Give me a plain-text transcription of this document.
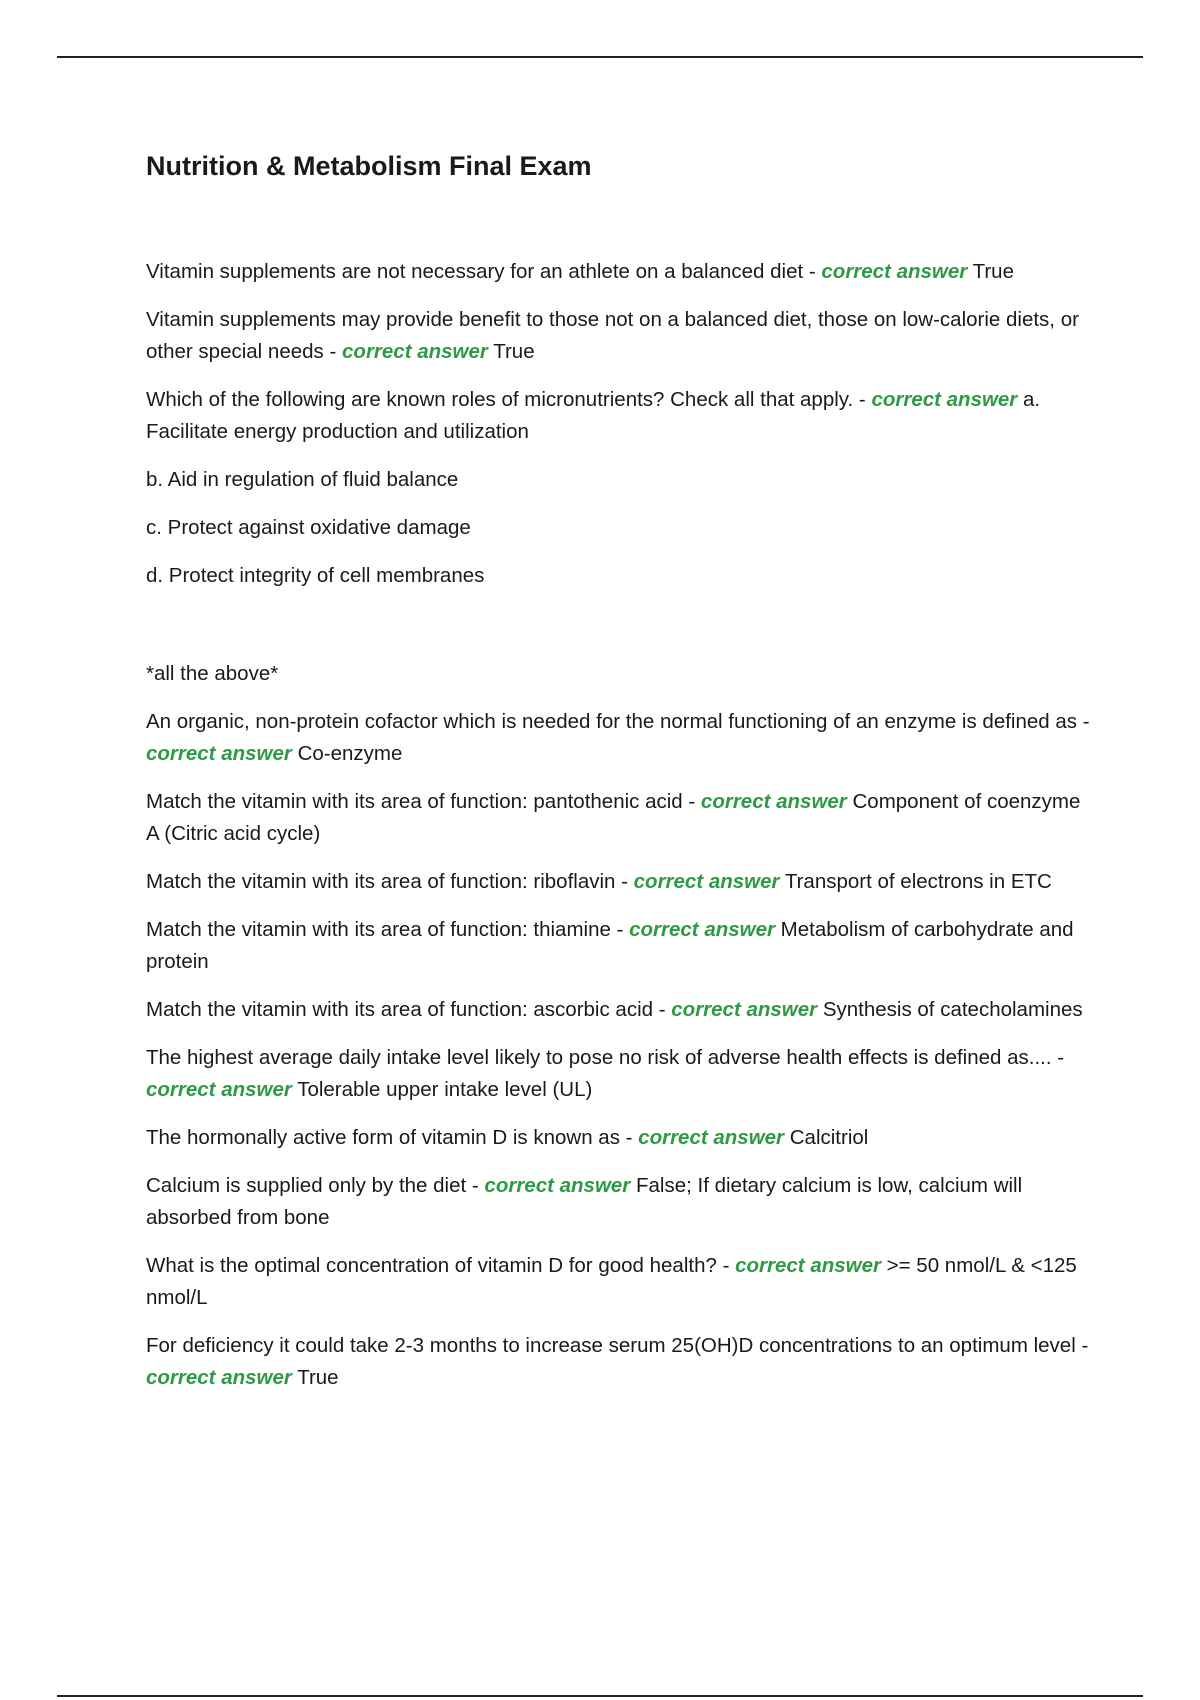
Nutrition & Metabolism Final Exam

Vitamin supplements are not necessary for an athlete on a balanced diet - correct answer True

Vitamin supplements may provide benefit to those not on a balanced diet, those on low-calorie diets, or other special needs - correct answer True

Which of the following are known roles of micronutrients? Check all that apply. - correct answer a. Facilitate energy production and utilization

b. Aid in regulation of fluid balance

c. Protect against oxidative damage

d. Protect integrity of cell membranes

*all the above*

An organic, non-protein cofactor which is needed for the normal functioning of an enzyme is defined as - correct answer Co-enzyme

Match the vitamin with its area of function: pantothenic acid - correct answer Component of coenzyme A (Citric acid cycle)

Match the vitamin with its area of function: riboflavin - correct answer Transport of electrons in ETC

Match the vitamin with its area of function: thiamine - correct answer Metabolism of carbohydrate and protein

Match the vitamin with its area of function: ascorbic acid - correct answer Synthesis of catecholamines

The highest average daily intake level likely to pose no risk of adverse health effects is defined as.... - correct answer Tolerable upper intake level (UL)

The hormonally active form of vitamin D is known as - correct answer Calcitriol

Calcium is supplied only by the diet - correct answer False; If dietary calcium is low, calcium will absorbed from bone

What is the optimal concentration of vitamin D for good health? - correct answer >= 50 nmol/L & <125 nmol/L

For deficiency it could take 2-3 months to increase serum 25(OH)D concentrations to an optimum level - correct answer True
